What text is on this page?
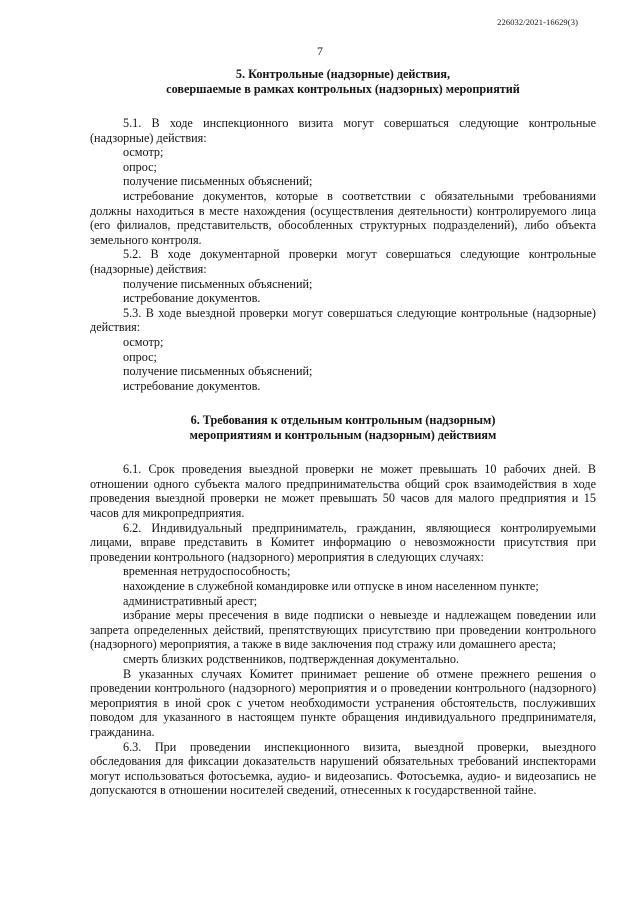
226032/2021-16629(3)
7
5. Контрольные (надзорные) действия,
совершаемые в рамках контрольных (надзорных) мероприятий

5.1. В ходе инспекционного визита могут совершаться следующие контрольные (надзорные) действия:

осмотр;

опрос;

получение письменных объяснений;

истребование документов, которые в соответствии с обязательными требованиями должны находиться в месте нахождения (осуществления деятельности) контролируемого лица (его филиалов, представительств, обособленных структурных подразделений), либо объекта земельного контроля.

5.2. В ходе документарной проверки могут совершаться следующие контрольные (надзорные) действия:

получение письменных объяснений;

истребование документов.

5.3. В ходе выездной проверки могут совершаться следующие контрольные (надзорные) действия:

осмотр;

опрос;

получение письменных объяснений;

истребование документов.

6. Требования к отдельным контрольным (надзорным)
мероприятиям и контрольным (надзорным) действиям

6.1. Срок проведения выездной проверки не может превышать 10 рабочих дней. В отношении одного субъекта малого предпринимательства общий срок взаимодействия в ходе проведения выездной проверки не может превышать 50 часов для малого предприятия и 15 часов для микропредприятия.

6.2. Индивидуальный предприниматель, гражданин, являющиеся контролируемыми лицами, вправе представить в Комитет информацию о невозможности присутствия при проведении контрольного (надзорного) мероприятия в следующих случаях:

временная нетрудоспособность;

нахождение в служебной командировке или отпуске в ином населенном пункте;

административный арест;

избрание меры пресечения в виде подписки о невыезде и надлежащем поведении или запрета определенных действий, препятствующих присутствию при проведении контрольного (надзорного) мероприятия, а также в виде заключения под стражу или домашнего ареста;

смерть близких родственников, подтвержденная документально.

В указанных случаях Комитет принимает решение об отмене прежнего решения о проведении контрольного (надзорного) мероприятия и о проведении контрольного (надзорного) мероприятия в иной срок с учетом необходимости устранения обстоятельств, послуживших поводом для указанного в настоящем пункте обращения индивидуального предпринимателя, гражданина.

6.3. При проведении инспекционного визита, выездной проверки, выездного обследования для фиксации доказательств нарушений обязательных требований инспекторами могут использоваться фотосъемка, аудио- и видеозапись. Фотосъемка, аудио- и видеозапись не допускаются в отношении носителей сведений, отнесенных к государственной тайне.
